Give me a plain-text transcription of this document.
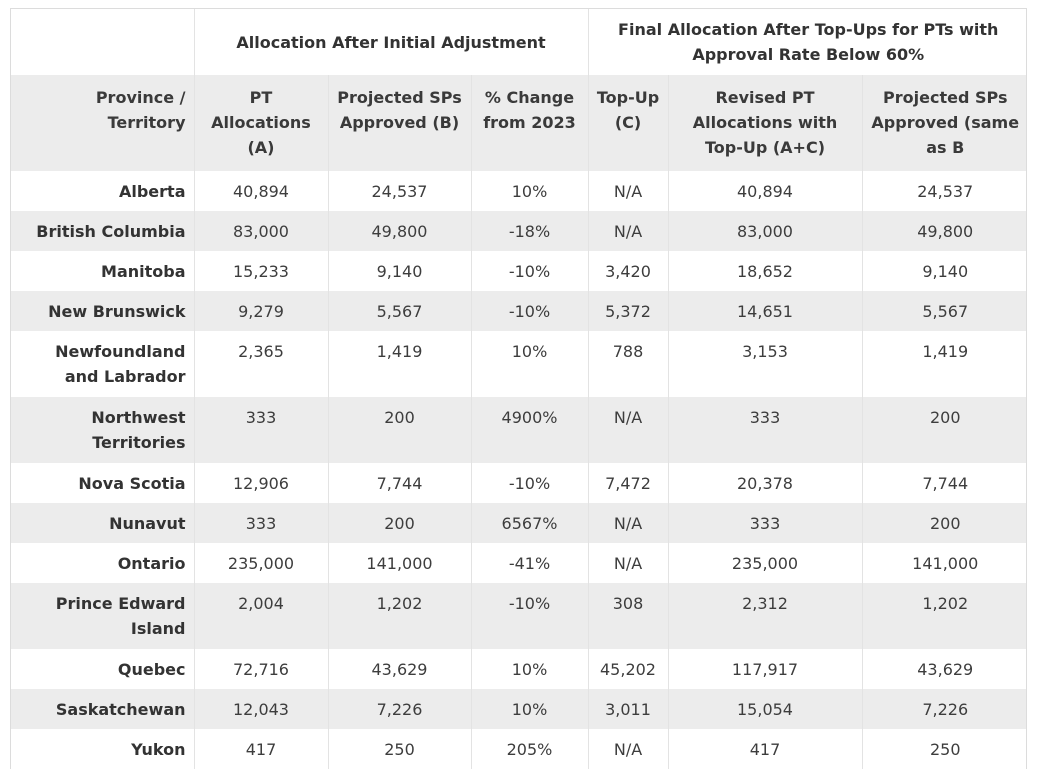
	Allocation After Initial Adjustment			Final Allocation After Top-Ups for PTs with Approval Rate Below 60%		
Province / Territory	PT Allocations (A)	Projected SPs Approved (B)	% Change from 2023	Top-Up (C)	Revised PT Allocations with Top-Up (A+C)	Projected SPs Approved (same as B
Alberta	40,894	24,537	10%	N/A	40,894	24,537
British Columbia	83,000	49,800	-18%	N/A	83,000	49,800
Manitoba	15,233	9,140	-10%	3,420	18,652	9,140
New Brunswick	9,279	5,567	-10%	5,372	14,651	5,567
Newfoundland and Labrador	2,365	1,419	10%	788	3,153	1,419
Northwest Territories	333	200	4900%	N/A	333	200
Nova Scotia	12,906	7,744	-10%	7,472	20,378	7,744
Nunavut	333	200	6567%	N/A	333	200
Ontario	235,000	141,000	-41%	N/A	235,000	141,000
Prince Edward Island	2,004	1,202	-10%	308	2,312	1,202
Quebec	72,716	43,629	10%	45,202	117,917	43,629
Saskatchewan	12,043	7,226	10%	3,011	15,054	7,226
Yukon	417	250	205%	N/A	417	250
